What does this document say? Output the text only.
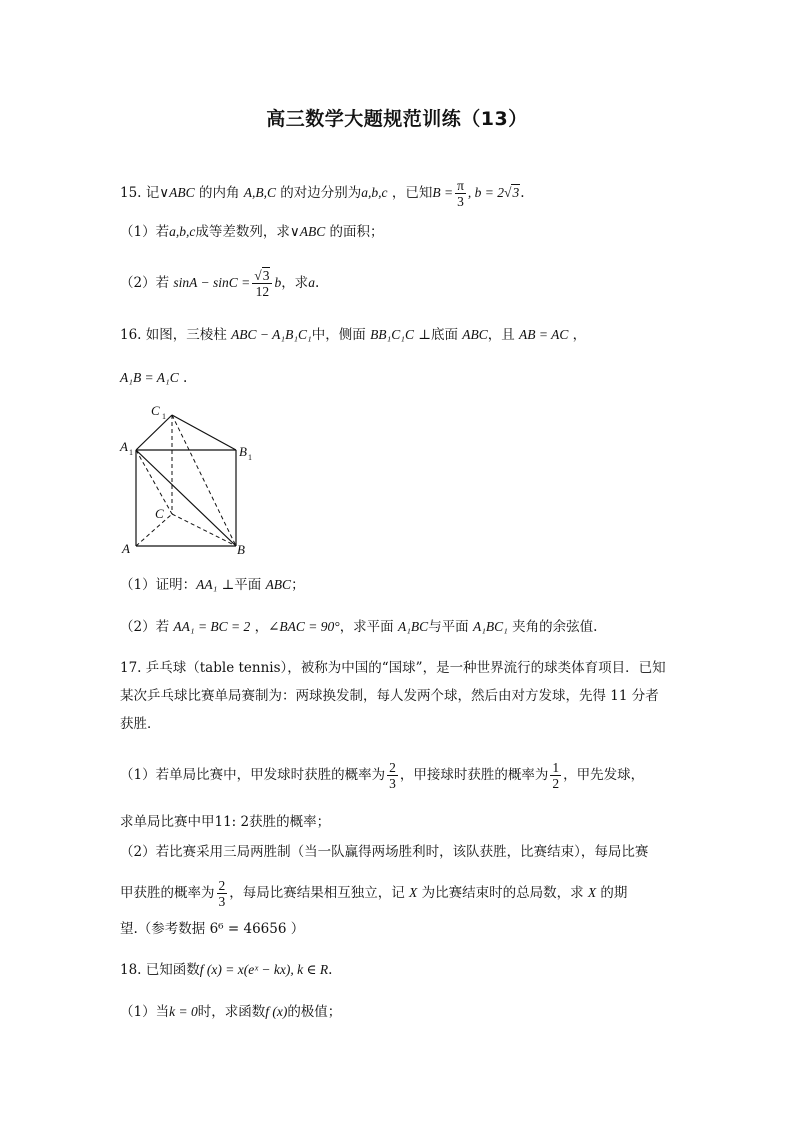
高三数学大题规范训练（13）
15. 记∨ABC 的内角 A,B,C 的对边分别为a,b,c ，已知$B = \frac{\pi}{3}$ , b = 2√3.
（1）若a,b,c成等差数列，求∨ABC 的面积；
（2）若 $\sin A - \sin C = \frac{√3}{12}$ b，求a.
16. 如图，三棱柱 ABC − A₁B₁C₁中，侧面 BB₁C₁C ⊥底面 ABC，且 AB = AC ，
A₁B = A₁C .
C 1
A 1	B 1
C
A	B
（1）证明：AA₁ ⊥平面 ABC；
（2）若 AA₁ = BC = 2 ，∠BAC = 90°，求平面 A₁BC与平面 A₁BC₁ 夹角的余弦值.
17. 乒乓球（table tennis），被称为中国的“国球”，是一种世界流行的球类体育项目．已知
某次乒乓球比赛单局赛制为：两球换发制，每人发两个球，然后由对方发球，先得 11 分者
获胜．
（1）若单局比赛中，甲发球时获胜的概率为 $\frac{2}{3}$ ，甲接球时获胜的概率为 $\frac{1}{2}$ ，甲先发球，
求单局比赛中甲11: 2获胜的概率；
（2）若比赛采用三局两胜制（当一队赢得两场胜利时，该队获胜，比赛结束），每局比赛
甲获胜的概率为 $\frac{2}{3}$ ，每局比赛结果相互独立，记 X 为比赛结束时的总局数，求 X 的期
望.（参考数据 6⁶ = 46656 ）
18. 已知函数f (x) = x(eˣ − kx), k ∈ R.
（1）当k = 0时，求函数f (x)的极值；
